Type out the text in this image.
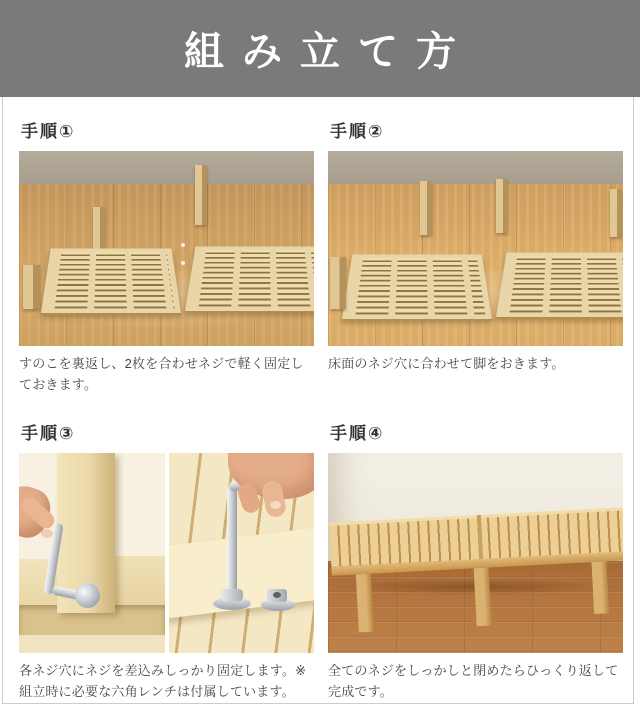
組み立て方
手順①

すのこを裏返し、2枚を合わせネジで軽く固定しておきます。

手順②

床面のネジ穴に合わせて脚をおきます。

手順③

各ネジ穴にネジを差込みしっかり固定します。※組立時に必要な六角レンチは付属しています。

手順④

全てのネジをしっかしと閉めたらひっくり返して完成です。
